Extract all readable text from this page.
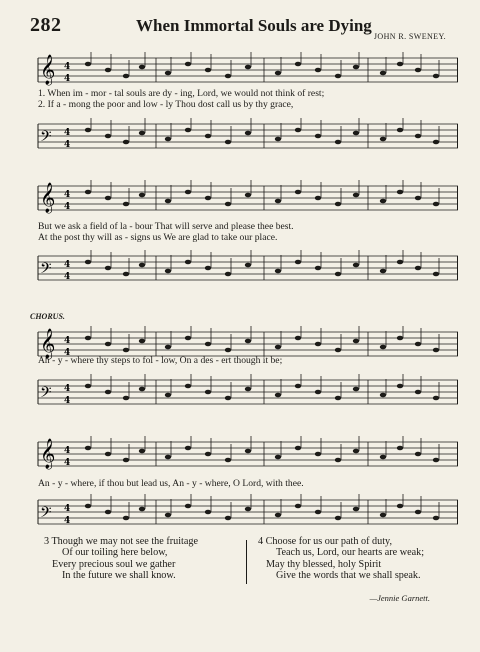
282	When Immortal Souls are Dying
JOHN R. SWENEY.
𝄞 4
4
1. When im - mor - tal souls are dy - ing, Lord, we would not think of rest;
2. If a - mong the poor and low - ly Thou dost call us by thy grace,
𝄢 4
4
𝄞 4
4
But we ask a field of la - bour That will serve and please thee best.
At the post thy will as - signs us We are glad to take our place.
𝄢 4
4
CHORUS.
𝄞 4
4
An - y - where thy steps to fol - low, On a des - ert though it be;
𝄢 4
4
𝄞 4
4
An - y - where, if thou but lead us, An - y - where, O Lord, with thee.
𝄢 4
4
3 Though we may not see the fruitage
Of our toiling here below,
Every precious soul we gather
In the future we shall know.
4 Choose for us our path of duty,
Teach us, Lord, our hearts are weak;
May thy blessed, holy Spirit
Give the words that we shall speak.
—Jennie Garnett.
